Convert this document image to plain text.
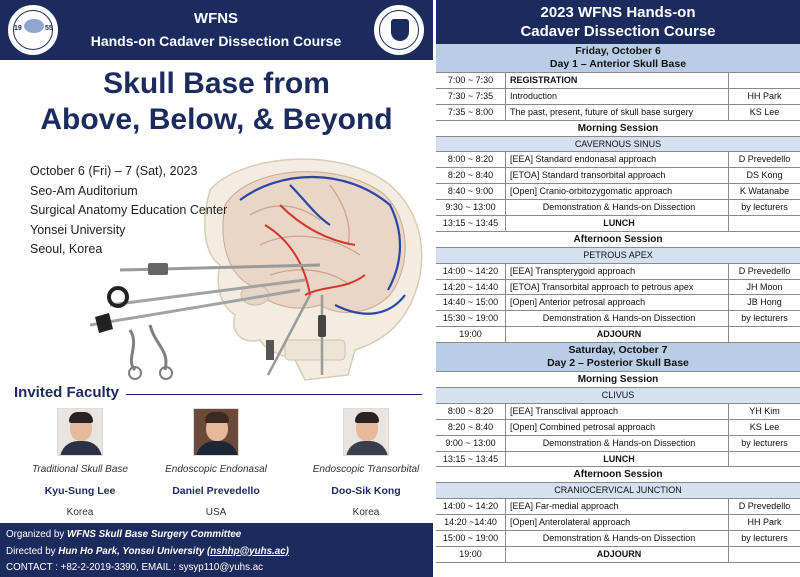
19	55
WFNS
Hands-on Cadaver Dissection Course
Skull Base from
Above, Below, & Beyond
October 6 (Fri) – 7 (Sat), 2023
Seo-Am Auditorium
Surgical Anatomy Education Center
Yonsei University
Seoul, Korea
Invited Faculty
Traditional Skull Base
Kyu-Sung Lee
Korea
Endoscopic Endonasal
Daniel Prevedello
USA
Endoscopic Transorbital
Doo-Sik Kong
Korea
Organized by WFNS Skull Base Surgery Committee
Directed by Hun Ho Park, Yonsei University (nshhp@yuhs.ac)
CONTACT : +82-2-2019-3390, EMAIL : sysyp110@yuhs.ac
2023 WFNS Hands-on
Cadaver Dissection Course
Friday, October 6
Day 1 – Anterior Skull Base
7:00 ~ 7:30	REGISTRATION
7:30 ~ 7:35	Introduction	HH Park
7:35 ~ 8:00	The past, present, future of skull base surgery	KS Lee
Morning Session
CAVERNOUS SINUS
8:00 ~ 8:20	[EEA] Standard endonasal approach	D Prevedello
8:20 ~ 8:40	[ETOA] Standard transorbital approach	DS Kong
8:40 ~ 9:00	[Open] Cranio-orbitozygomatic approach	K Watanabe
9:30 ~ 13:00	Demonstration & Hands-on Dissection	by lecturers
13:15 ~ 13:45	LUNCH
Afternoon Session
PETROUS APEX
14:00 ~ 14:20	[EEA] Transpterygoid approach	D Prevedello
14:20 ~ 14:40	[ETOA] Transorbital approach to petrous apex	JH Moon
14:40 ~ 15:00	[Open] Anterior petrosal approach	JB Hong
15:30 ~ 19:00	Demonstration & Hands-on Dissection	by lecturers
19:00	ADJOURN
Saturday, October 7
Day 2 – Posterior Skull Base
Morning Session
CLIVUS
8:00 ~ 8:20	[EEA] Transclival approach	YH Kim
8:20 ~ 8:40	[Open] Combined petrosal approach	KS Lee
9:00 ~ 13:00	Demonstration & Hands-on Dissection	by lecturers
13:15 ~ 13:45	LUNCH
Afternoon Session
CRANIOCERVICAL JUNCTION
14:00 ~ 14:20	[EEA] Far-medial approach	D Prevedello
14:20 ~14:40	[Open] Anterolateral approach	HH Park
15:00 ~ 19:00	Demonstration & Hands-on Dissection	by lecturers
19:00	ADJOURN
